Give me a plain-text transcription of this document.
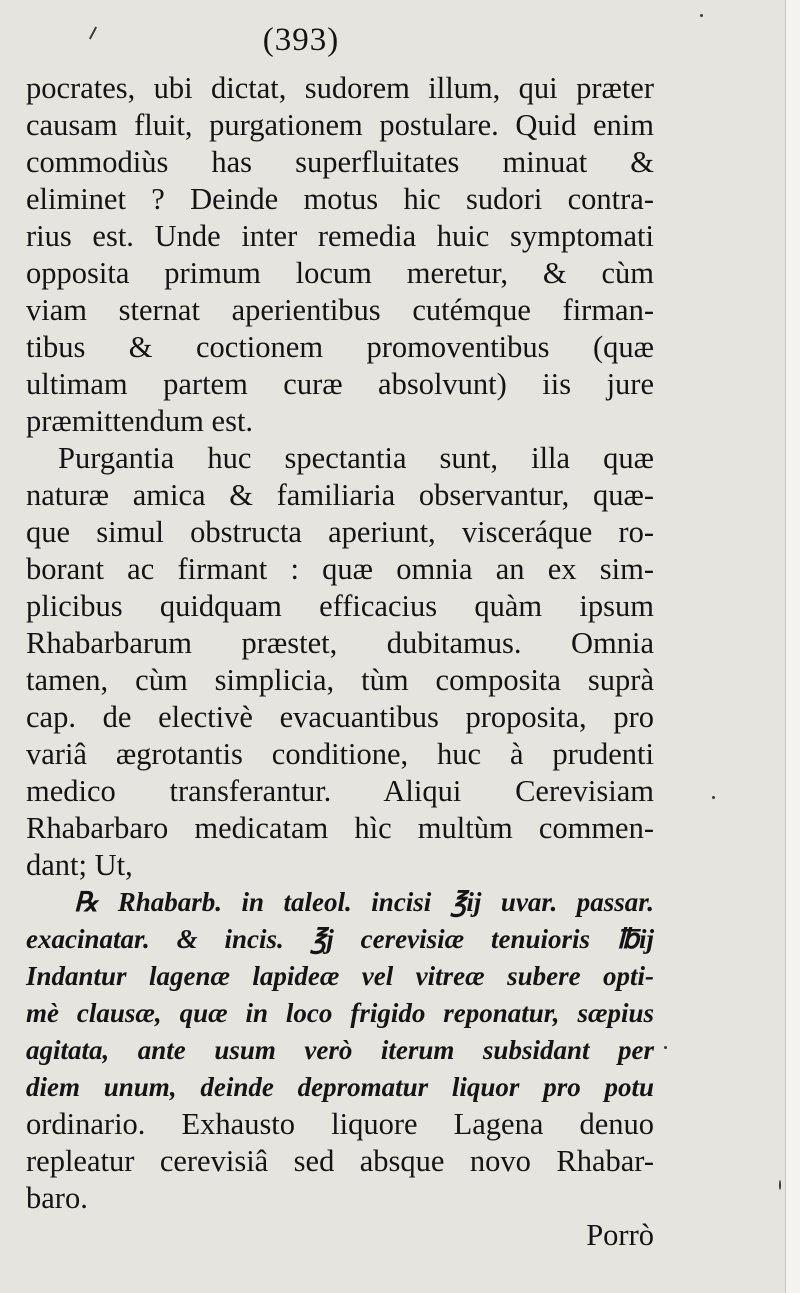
(393)
pocrates, ubi dictat, sudorem illum, qui præter
causam fluit, purgationem postulare. Quid enim
commodiùs has superfluitates minuat &
eliminet ? Deinde motus hic sudori contra-
rius est. Unde inter remedia huic symptomati
opposita primum locum meretur, & cùm
viam sternat aperientibus cutémque firman-
tibus & coctionem promoventibus (quæ
ultimam partem curæ absolvunt) iis jure
præmittendum est.
Purgantia huc spectantia sunt, illa quæ
naturæ amica & familiaria observantur, quæ-
que simul obstructa aperiunt, visceráque ro-
borant ac firmant : quæ omnia an ex sim-
plicibus quidquam efficacius quàm ipsum
Rhabarbarum præstet, dubitamus. Omnia
tamen, cùm simplicia, tùm composita suprà
cap. de electivè evacuantibus proposita, pro
variâ ægrotantis conditione, huc à prudenti
medico transferantur. Aliqui Cerevisiam
Rhabarbaro medicatam hìc multùm commen-
dant; Ut,
℞ Rhabarb. in taleol. incisi ℥ij uvar. passar.
exacinatar. & incis. ℥j cerevisiæ tenuioris ℔ij
Indantur lagenæ lapideæ vel vitreæ subere opti-
mè clausæ, quæ in loco frigido reponatur, sæpius
agitata, ante usum verò iterum subsidant per
diem unum, deinde depromatur liquor pro potu
ordinario. Exhausto liquore Lagena denuo
repleatur cerevisiâ sed absque novo Rhabar-
baro.
Porrò
